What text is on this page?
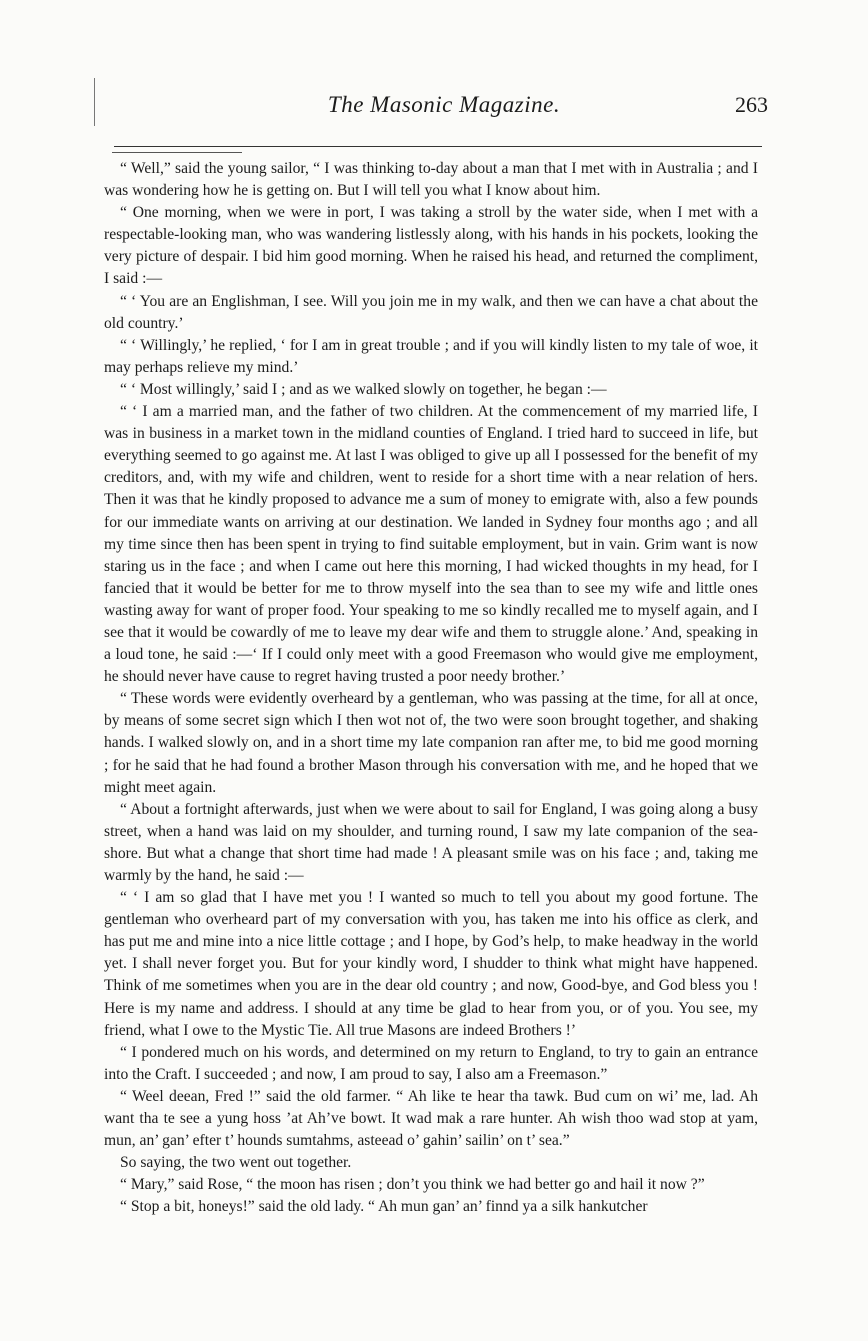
The Masonic Magazine.	263

“ Well,” said the young sailor, “ I was thinking to-day about a man that I met with in Australia ; and I was wondering how he is getting on. But I will tell you what I know about him.

“ One morning, when we were in port, I was taking a stroll by the water side, when I met with a respectable-looking man, who was wandering listlessly along, with his hands in his pockets, looking the very picture of despair. I bid him good morning. When he raised his head, and returned the compliment, I said :—

“ ‘ You are an Englishman, I see. Will you join me in my walk, and then we can have a chat about the old country.’

“ ‘ Willingly,’ he replied, ‘ for I am in great trouble ; and if you will kindly listen to my tale of woe, it may perhaps relieve my mind.’

“ ‘ Most willingly,’ said I ; and as we walked slowly on together, he began :—

“ ‘ I am a married man, and the father of two children. At the commencement of my married life, I was in business in a market town in the midland counties of England. I tried hard to succeed in life, but everything seemed to go against me. At last I was obliged to give up all I possessed for the benefit of my creditors, and, with my wife and children, went to reside for a short time with a near relation of hers. Then it was that he kindly proposed to advance me a sum of money to emigrate with, also a few pounds for our immediate wants on arriving at our destination. We landed in Sydney four months ago ; and all my time since then has been spent in trying to find suitable employment, but in vain. Grim want is now staring us in the face ; and when I came out here this morning, I had wicked thoughts in my head, for I fancied that it would be better for me to throw myself into the sea than to see my wife and little ones wasting away for want of proper food. Your speaking to me so kindly recalled me to myself again, and I see that it would be cowardly of me to leave my dear wife and them to struggle alone.’ And, speaking in a loud tone, he said :—‘ If I could only meet with a good Freemason who would give me employment, he should never have cause to regret having trusted a poor needy brother.’

“ These words were evidently overheard by a gentleman, who was passing at the time, for all at once, by means of some secret sign which I then wot not of, the two were soon brought together, and shaking hands. I walked slowly on, and in a short time my late companion ran after me, to bid me good morning ; for he said that he had found a brother Mason through his conversation with me, and he hoped that we might meet again.

“ About a fortnight afterwards, just when we were about to sail for England, I was going along a busy street, when a hand was laid on my shoulder, and turning round, I saw my late companion of the sea-shore. But what a change that short time had made ! A pleasant smile was on his face ; and, taking me warmly by the hand, he said :—

“ ‘ I am so glad that I have met you ! I wanted so much to tell you about my good fortune. The gentleman who overheard part of my conversation with you, has taken me into his office as clerk, and has put me and mine into a nice little cottage ; and I hope, by God’s help, to make headway in the world yet. I shall never forget you. But for your kindly word, I shudder to think what might have happened. Think of me sometimes when you are in the dear old country ; and now, Good-bye, and God bless you ! Here is my name and address. I should at any time be glad to hear from you, or of you. You see, my friend, what I owe to the Mystic Tie. All true Masons are indeed Brothers !’

“ I pondered much on his words, and determined on my return to England, to try to gain an entrance into the Craft. I succeeded ; and now, I am proud to say, I also am a Freemason.”

“ Weel deean, Fred !” said the old farmer. “ Ah like te hear tha tawk. Bud cum on wi’ me, lad. Ah want tha te see a yung hoss ’at Ah’ve bowt. It wad mak a rare hunter. Ah wish thoo wad stop at yam, mun, an’ gan’ efter t’ hounds sumtahms, asteead o’ gahin’ sailin’ on t’ sea.”

So saying, the two went out together.

“ Mary,” said Rose, “ the moon has risen ; don’t you think we had better go and hail it now ?”

“ Stop a bit, honeys!” said the old lady. “ Ah mun gan’ an’ finnd ya a silk hankutcher
